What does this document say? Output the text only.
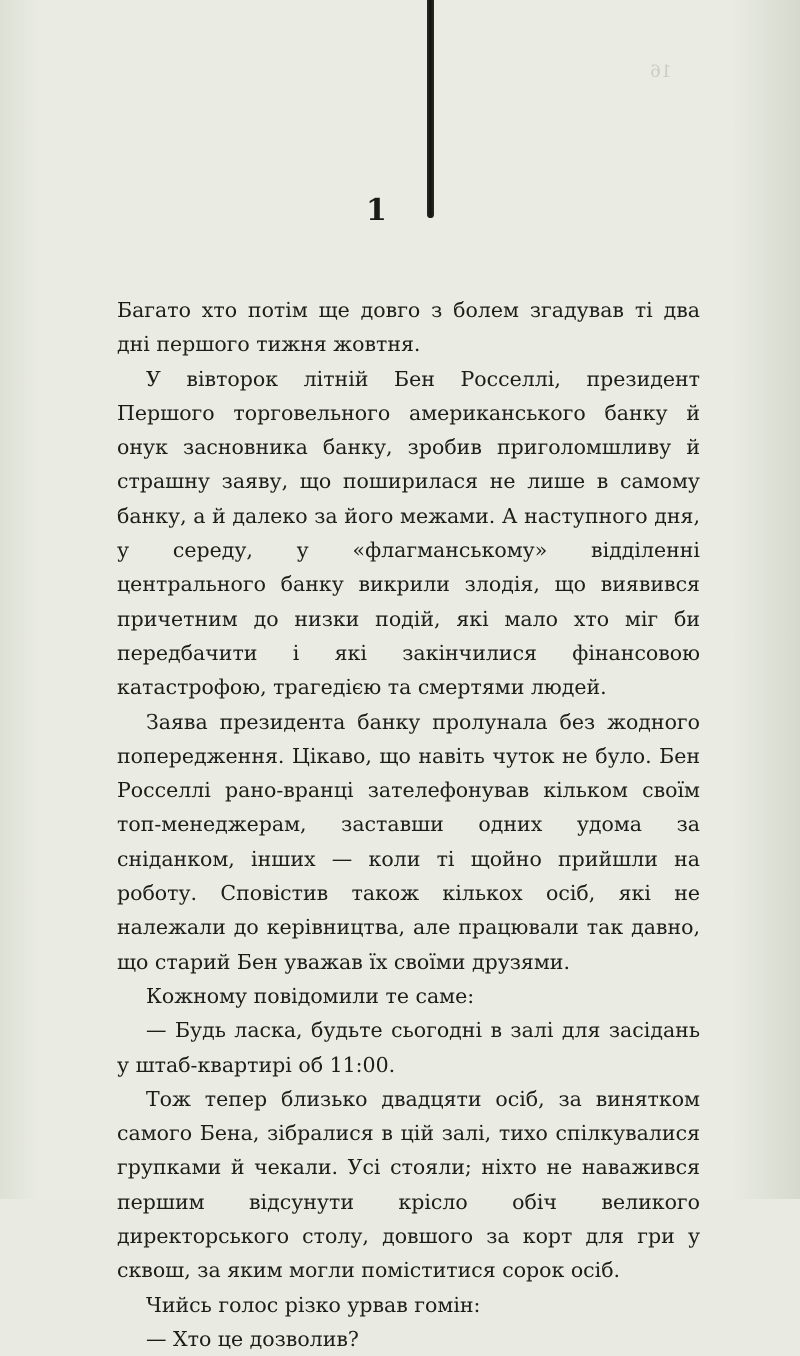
16
1

Багато хто потім ще довго з болем згадував ті два дні першого тижня жовтня.

У вівторок літній Бен Росселлі, президент Першого торговельного американського банку й онук засновника банку, зробив приголомшливу й страшну заяву, що поширилася не лише в самому банку, а й далеко за його межами. А наступного дня, у середу, у «флагманському» відділенні центрального банку викрили злодія, що виявився причетним до низки подій, які мало хто міг би передбачити і які закінчилися фінансовою катастрофою, трагедією та смертями людей.

Заява президента банку пролунала без жодного попередження. Цікаво, що навіть чуток не було. Бен Росселлі рано-вранці зателефонував кільком своїм топ-менеджерам, заставши одних удома за сніданком, інших — коли ті щойно прийшли на роботу. Сповістив також кількох осіб, які не належали до керівництва, але працювали так давно, що старий Бен уважав їх своїми друзями.

Кожному повідомили те саме:

— Будь ласка, будьте сьогодні в залі для засідань у штаб-квартирі об 11:00.

Тож тепер близько двадцяти осіб, за винятком самого Бена, зібралися в цій залі, тихо спілкувалися групками й чекали. Усі стояли; ніхто не наважився першим відсунути крісло обіч великого директорського столу, довшого за корт для гри у сквош, за яким могли поміститися сорок осіб.

Чийсь голос різко урвав гомін:

— Хто це дозволив?
